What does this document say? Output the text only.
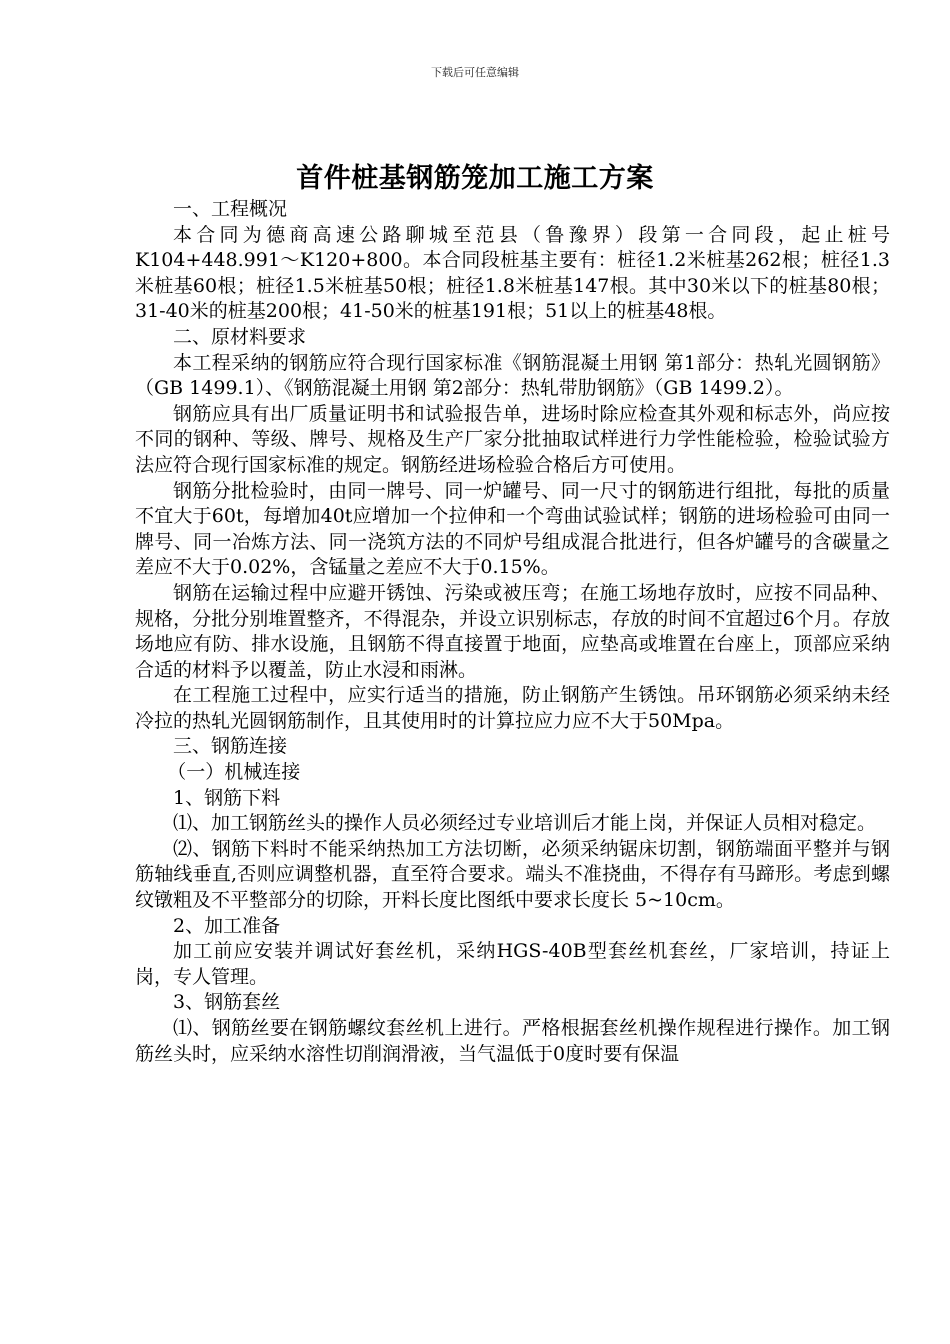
下载后可任意编辑
首件桩基钢筋笼加工施工方案

一、工程概况

本合同为德商高速公路聊城至范县（鲁豫界）段第一合同段，起止桩号K104+448.991～K120+800。本合同段桩基主要有：桩径1.2米桩基262根；桩径1.3米桩基60根；桩径1.5米桩基50根；桩径1.8米桩基147根。其中30米以下的桩基80根；31-40米的桩基200根；41-50米的桩基191根；51以上的桩基48根。

二、原材料要求

本工程采纳的钢筋应符合现行国家标准《钢筋混凝土用钢 第1部分：热轧光圆钢筋》（GB 1499.1）、《钢筋混凝土用钢 第2部分：热轧带肋钢筋》（GB 1499.2）。

钢筋应具有出厂质量证明书和试验报告单，进场时除应检查其外观和标志外，尚应按不同的钢种、等级、牌号、规格及生产厂家分批抽取试样进行力学性能检验，检验试验方法应符合现行国家标准的规定。钢筋经进场检验合格后方可使用。

钢筋分批检验时，由同一牌号、同一炉罐号、同一尺寸的钢筋进行组批，每批的质量不宜大于60t，每增加40t应增加一个拉伸和一个弯曲试验试样；钢筋的进场检验可由同一牌号、同一冶炼方法、同一浇筑方法的不同炉号组成混合批进行，但各炉罐号的含碳量之差应不大于0.02%，含锰量之差应不大于0.15%。

钢筋在运输过程中应避开锈蚀、污染或被压弯；在施工场地存放时，应按不同品种、规格，分批分别堆置整齐，不得混杂，并设立识别标志，存放的时间不宜超过6个月。存放场地应有防、排水设施，且钢筋不得直接置于地面，应垫高或堆置在台座上，顶部应采纳合适的材料予以覆盖，防止水浸和雨淋。

在工程施工过程中，应实行适当的措施，防止钢筋产生锈蚀。吊环钢筋必须采纳未经冷拉的热轧光圆钢筋制作，且其使用时的计算拉应力应不大于50Mpa。

三、钢筋连接

（一）机械连接

1、钢筋下料

⑴、加工钢筋丝头的操作人员必须经过专业培训后才能上岗，并保证人员相对稳定。

⑵、钢筋下料时不能采纳热加工方法切断，必须采纳锯床切割，钢筋端面平整并与钢筋轴线垂直,否则应调整机器，直至符合要求。端头不准挠曲，不得存有马蹄形。考虑到螺纹镦粗及不平整部分的切除，开料长度比图纸中要求长度长 5~10cm。

2、加工准备

加工前应安装并调试好套丝机，采纳HGS-40B型套丝机套丝，厂家培训，持证上岗，专人管理。

3、钢筋套丝

⑴、钢筋丝要在钢筋螺纹套丝机上进行。严格根据套丝机操作规程进行操作。加工钢筋丝头时，应采纳水溶性切削润滑液，当气温低于0度时要有保温
